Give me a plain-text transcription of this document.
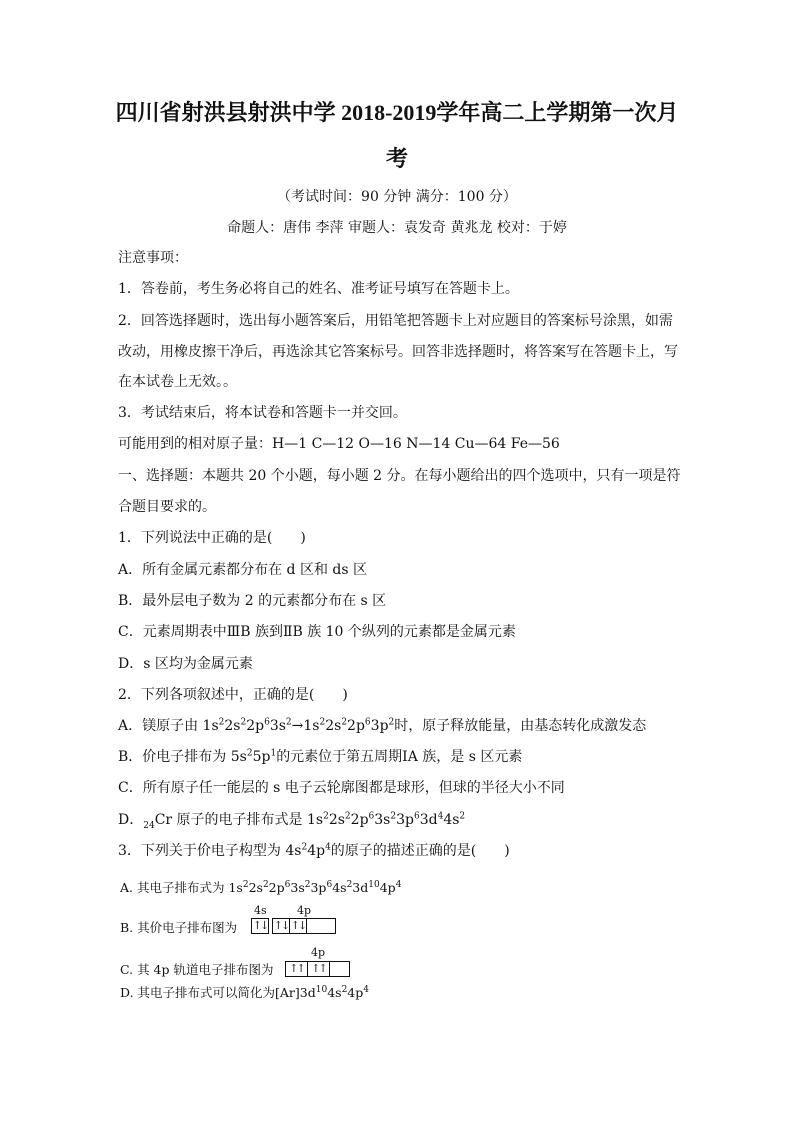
四川省射洪县射洪中学 2018-2019学年高二上学期第一次月
考
（考试时间：90 分钟 满分：100 分）
命题人：唐伟 李萍 审题人：袁发奇 黄兆龙 校对：于婷
注意事项：
1．答卷前，考生务必将自己的姓名、准考证号填写在答题卡上。
2．回答选择题时，选出每小题答案后，用铅笔把答题卡上对应题目的答案标号涂黑，如需
改动，用橡皮擦干净后，再选涂其它答案标号。回答非选择题时，将答案写在答题卡上，写
在本试卷上无效。。
3．考试结束后，将本试卷和答题卡一并交回。
可能用到的相对原子量：H—1 C—12 O—16 N—14 Cu—64 Fe—56
一、选择题：本题共 20 个小题，每小题 2 分。在每小题给出的四个选项中，只有一项是符
合题目要求的。
1．下列说法中正确的是(　　)
A．所有金属元素都分布在 d 区和 ds 区
B．最外层电子数为 2 的元素都分布在 s 区
C．元素周期表中ⅢB 族到ⅡB 族 10 个纵列的元素都是金属元素
D．s 区均为金属元素
2．下列各项叙述中，正确的是(　　)
A．镁原子由 $1s^22s^22p^63s^2\to 1s^22s^22p^63p^2$时，原子释放能量，由基态转化成激发态
B．价电子排布为 $5s^25p^1$的元素位于第五周期ⅠA 族，是 s 区元素
C．所有原子任一能层的 s 电子云轮廓图都是球形，但球的半径大小不同
D．$_{24}$Cr 原子的电子排布式是 $1s^22s^22p^63s^23p^63d^44s^2$
3．下列关于价电子构型为 $4s^24p^4$的原子的描述正确的是(　　)
A. 其电子排布式为 $1s^22s^22p^63s^23p^64s^23d^{10}4p^4$
B. 其价电子排布图为
4s	4p
↑↓ ↑↓ ↑↓
C. 其 4p 轨道电子排布图为
4p
↑↑ ↑↑
D. 其电子排布式可以简化为$[Ar]3d^{10}4s^24p^4$
